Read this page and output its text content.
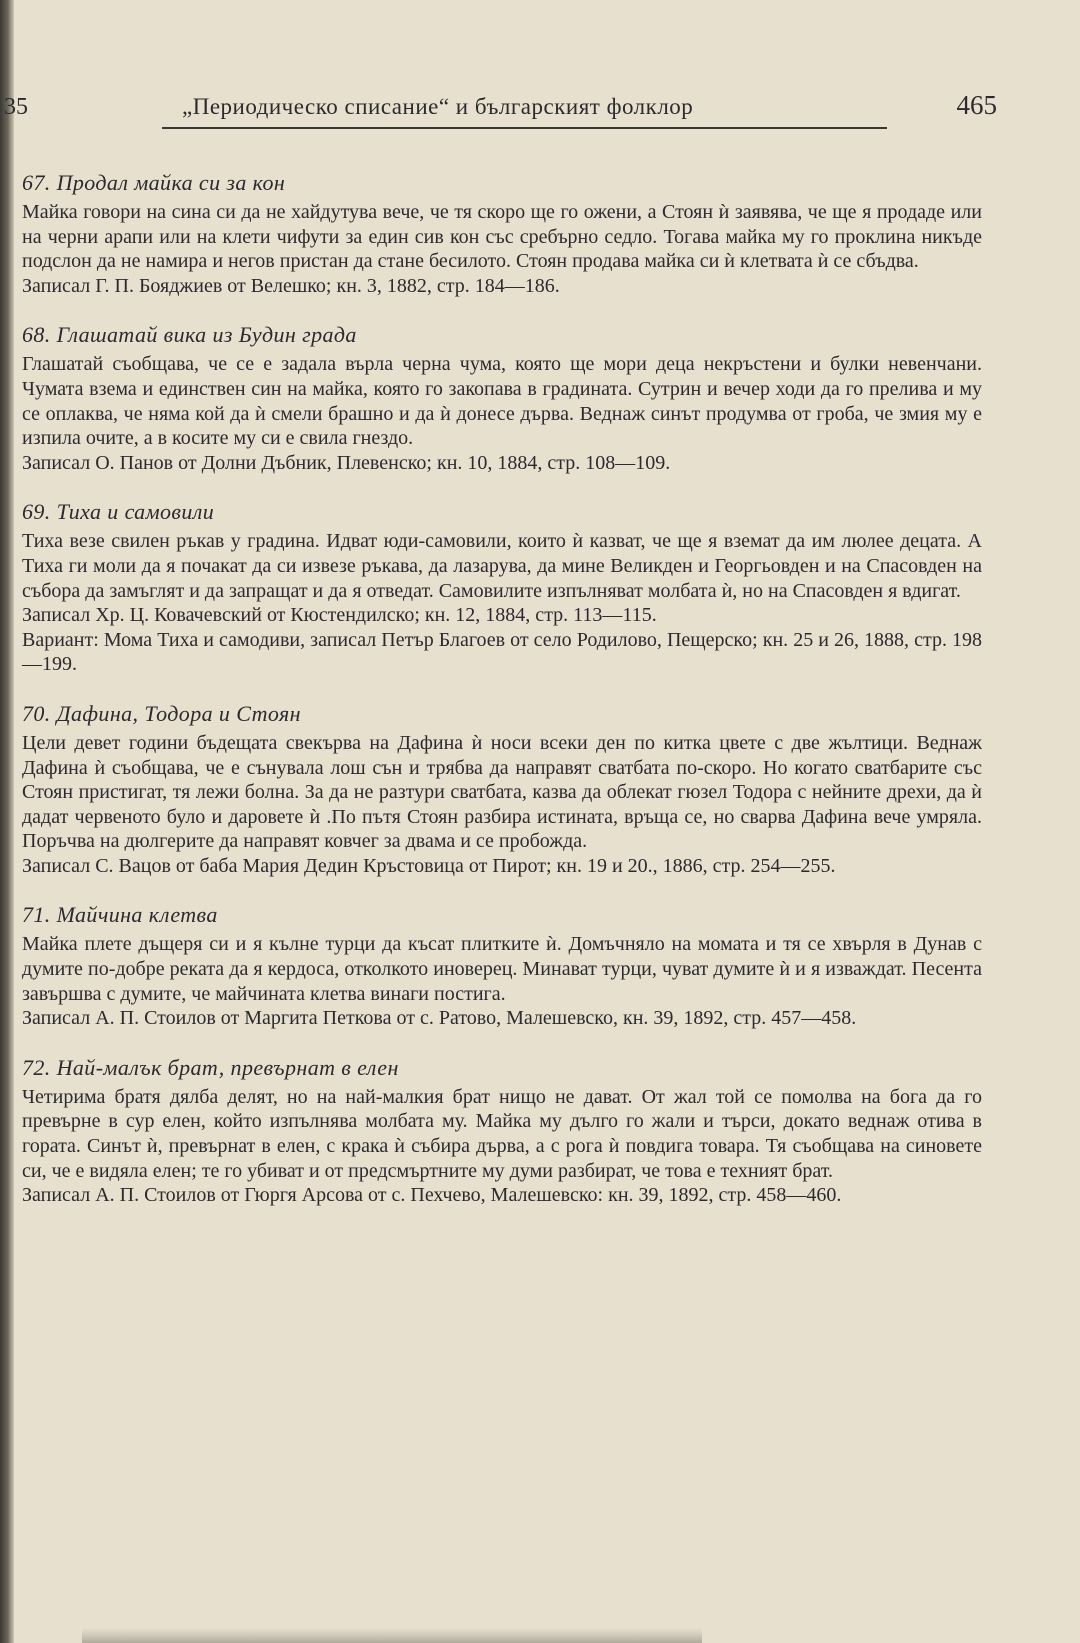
35	„Периодическо списание“ и българският фолклор	465
67. Продал майка си за кон

Майка говори на сина си да не хайдутува вече, че тя скоро ще го ожени, а Стоян ѝ заявява, че ще я продаде или на черни арапи или на клети чифути за един сив кон със сребърно седло. Тогава майка му го проклина никъде подслон да не намира и негов пристан да стане бесилото. Стоян продава майка си ѝ клетвата ѝ се сбъдва.

Записал Г. П. Бояджиев от Велешко; кн. 3, 1882, стр. 184—186.

68. Глашатай вика из Будин града

Глашатай съобщава, че се е задала върла черна чума, която ще мори деца некръстени и булки невенчани. Чумата взема и единствен син на майка, която го закопава в градината. Сутрин и вечер ходи да го прелива и му се оплаква, че няма кой да ѝ смели брашно и да ѝ донесе дърва. Веднаж синът продумва от гроба, че змия му е изпила очите, а в косите му си е свила гнездо.

Записал О. Панов от Долни Дъбник, Плевенско; кн. 10, 1884, стр. 108—109.

69. Тиха и самовили

Тиха везе свилен ръкав у градина. Идват юди-самовили, които ѝ казват, че ще я вземат да им люлее децата. А Тиха ги моли да я почакат да си извезе ръкава, да лазарува, да мине Великден и Георгьовден и на Спасовден на събора да замъглят и да запращат и да я отведат. Самовилите изпълняват молбата ѝ, но на Спасовден я вдигат.

Записал Хр. Ц. Ковачевский от Кюстендилско; кн. 12, 1884, стр. 113—115.

Вариант: Мома Тиха и самодиви, записал Петър Благоев от село Родилово, Пещерско; кн. 25 и 26, 1888, стр. 198—199.

70. Дафина, Тодора и Стоян

Цели девет години бъдещата свекърва на Дафина ѝ носи всеки ден по китка цвете с две жълтици. Веднаж Дафина ѝ съобщава, че е сънувала лош сън и трябва да направят сватбата по-скоро. Но когато сватбарите със Стоян пристигат, тя лежи болна. За да не разтури сватбата, казва да облекат гюзел Тодора с нейните дрехи, да ѝ дадат червеното було и даровете ѝ .По пътя Стоян разбира истината, връща се, но сварва Дафина вече умряла. Поръчва на дюлгерите да направят ковчег за двама и се пробожда.

Записал С. Вацов от баба Мария Дедин Кръстовица от Пирот; кн. 19 и 20., 1886, стр. 254—255.

71. Майчина клетва

Майка плете дъщеря си и я кълне турци да късат плитките ѝ. Домъчняло на момата и тя се хвърля в Дунав с думите по-добре реката да я кердоса, отколкото иноверец. Минават турци, чуват думите ѝ и я изваждат. Песента завършва с думите, че майчината клетва винаги постига.

Записал А. П. Стоилов от Маргита Петкова от с. Ратово, Малешевско, кн. 39, 1892, стр. 457—458.

72. Най-малък брат, превърнат в елен

Четирима братя дялба делят, но на най-малкия брат нищо не дават. От жал той се помолва на бога да го превърне в сур елен, който изпълнява молбата му. Майка му дълго го жали и търси, докато веднаж отива в гората. Синът ѝ, превърнат в елен, с крака ѝ събира дърва, а с рога ѝ повдига товара. Тя съобщава на синовете си, че е видяла елен; те го убиват и от предсмъртните му думи разбират, че това е техният брат.

Записал А. П. Стоилов от Гюргя Арсова от с. Пехчево, Малешевско: кн. 39, 1892, стр. 458—460.
